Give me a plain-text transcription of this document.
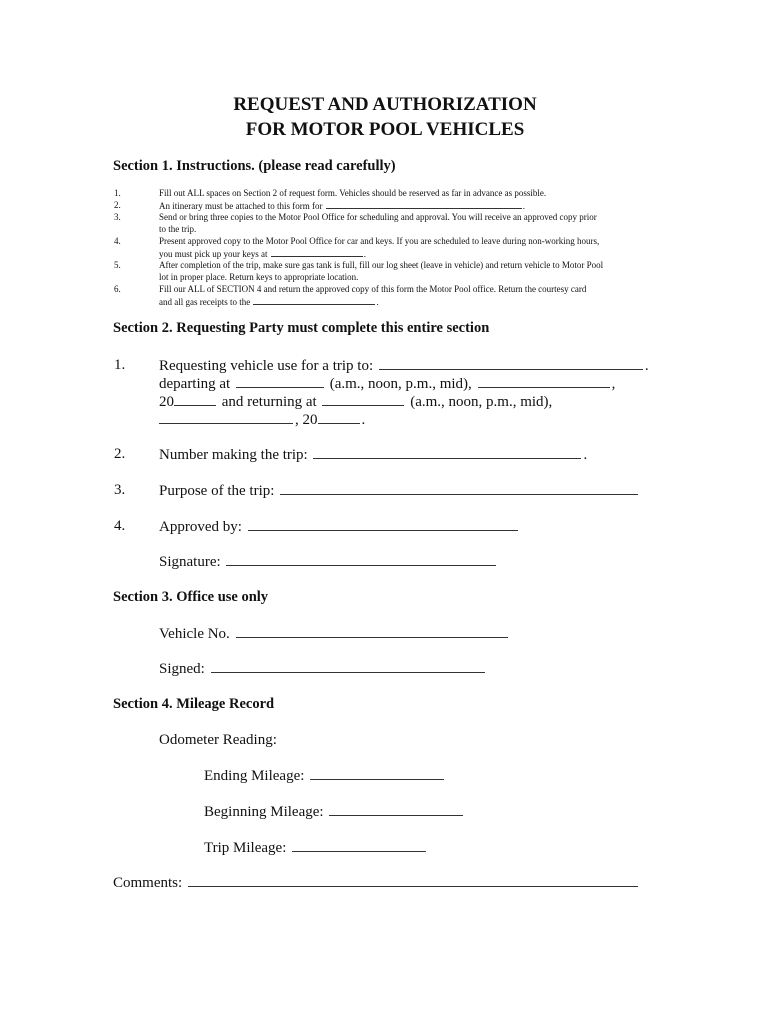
REQUEST AND AUTHORIZATION
FOR MOTOR POOL VEHICLES
Section 1. Instructions. (please read carefully)
1.	Fill out ALL spaces on Section 2 of request form. Vehicles should be reserved as far in advance as possible.
2.	An itinerary must be attached to this form for	.
3.	Send or bring three copies to the Motor Pool Office for scheduling and approval. You will receive an approved copy prior
to the trip.
4.	Present approved copy to the Motor Pool Office for car and keys. If you are scheduled to leave during non-working hours,
you must pick up your keys at	.
5.	After completion of the trip, make sure gas tank is full, fill our log sheet (leave in vehicle) and return vehicle to Motor Pool
lot in proper place. Return keys to appropriate location.
6.	Fill our ALL of SECTION 4 and return the approved copy of this form the Motor Pool office. Return the courtesy card
and all gas receipts to the	.
Section 2. Requesting Party must complete this entire section
1. Requesting vehicle use for a trip to:	.
departing at	(a.m., noon, p.m., mid),	,
20	and returning at	(a.m., noon, p.m., mid),
, 20	.
2. Number making the trip:	.
3. Purpose of the trip:
4. Approved by:
Signature:
Section 3. Office use only
Vehicle No.
Signed:
Section 4. Mileage Record
Odometer Reading:
Ending Mileage:
Beginning Mileage:
Trip Mileage:
Comments:
